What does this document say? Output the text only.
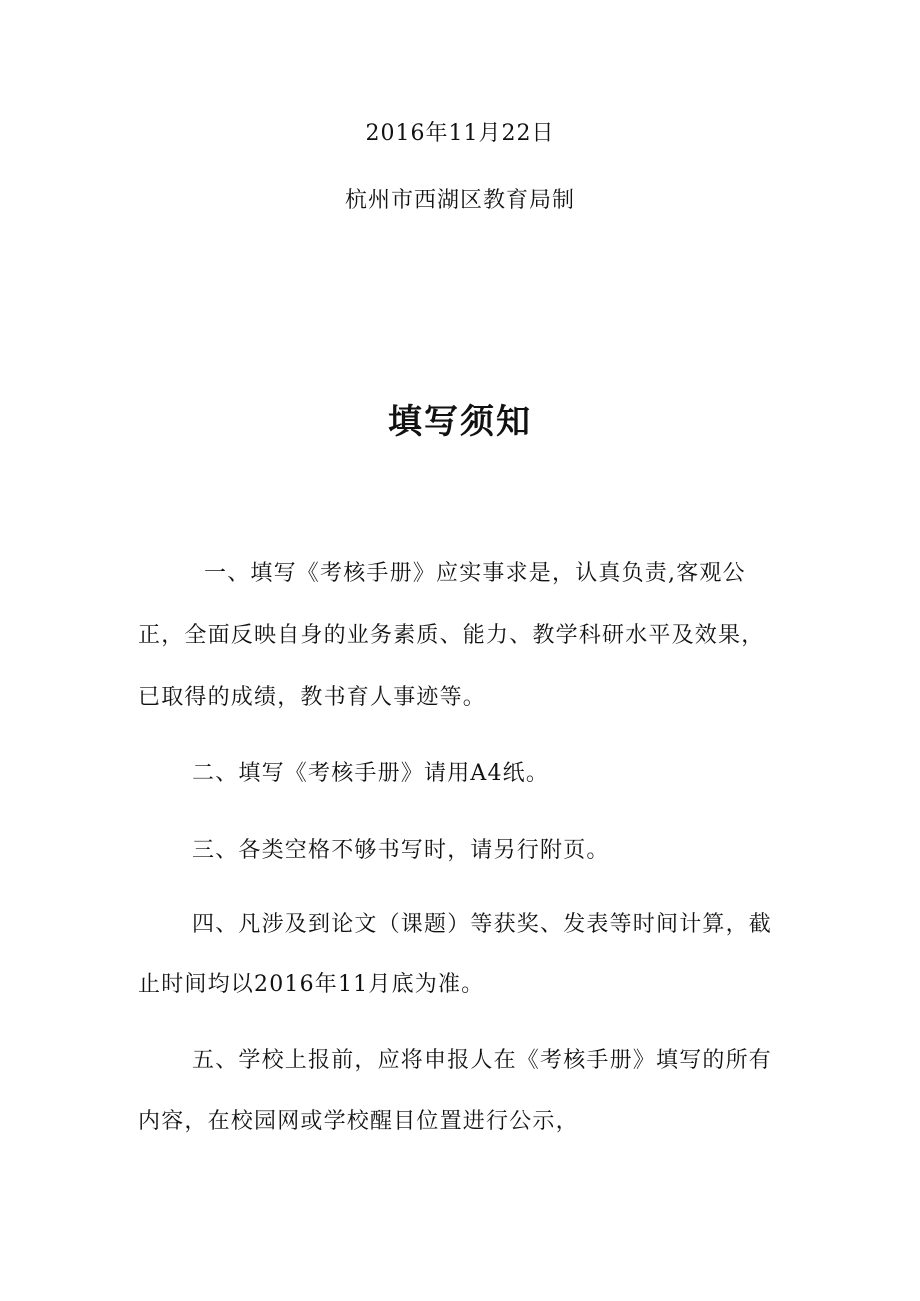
2016年11月22日
杭州市西湖区教育局制
填写须知
一、填写《考核手册》应实事求是，认真负责,客观公
正，全面反映自身的业务素质、能力、教学科研水平及效果，
已取得的成绩，教书育人事迹等。
二、填写《考核手册》请用A4纸。
三、各类空格不够书写时，请另行附页。
四、凡涉及到论文（课题）等获奖、发表等时间计算，截
止时间均以2016年11月底为准。
五、学校上报前，应将申报人在《考核手册》填写的所有
内容，在校园网或学校醒目位置进行公示，
